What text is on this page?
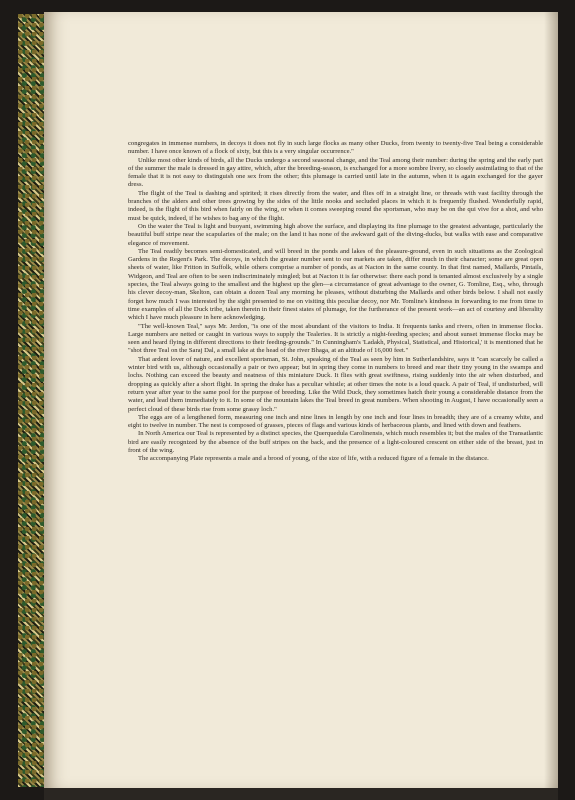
congregates in immense numbers, in decoys it does not fly in such large flocks as many other Ducks, from twenty to twenty-five Teal being a considerable number. I have once known of a flock of sixty, but this is a very singular occurrence."

Unlike most other kinds of birds, all the Ducks undergo a second seasonal change, and the Teal among their number: during the spring and the early part of the summer the male is dressed in gay attire, which, after the breeding-season, is exchanged for a more sombre livery, so closely assimilating to that of the female that it is not easy to distinguish one sex from the other; this plumage is carried until late in the autumn, when it is again exchanged for the gayer dress.

The flight of the Teal is dashing and spirited; it rises directly from the water, and flies off in a straight line, or threads with vast facility through the branches of the alders and other trees growing by the sides of the little nooks and secluded places in which it is frequently flushed. Wonderfully rapid, indeed, is the flight of this bird when fairly on the wing, or when it comes sweeping round the sportsman, who may be on the qui vive for a shot, and who must be quick, indeed, if he wishes to bag any of the flight.

On the water the Teal is light and buoyant, swimming high above the surface, and displaying its fine plumage to the greatest advantage, particularly the beautiful buff stripe near the scapularies of the male; on the land it has none of the awkward gait of the diving-ducks, but walks with ease and comparative elegance of movement.

The Teal readily becomes semi-domesticated, and will breed in the ponds and lakes of the pleasure-ground, even in such situations as the Zoological Gardens in the Regent's Park. The decoys, in which the greater number sent to our markets are taken, differ much in their character; some are great open sheets of water, like Fritton in Suffolk, while others comprise a number of ponds, as at Nacton in the same county. In that first named, Mallards, Pintails, Widgeon, and Teal are often to be seen indiscriminately mingled; but at Nacton it is far otherwise: there each pond is tenanted almost exclusively by a single species, the Teal always going to the smallest and the highest up the glen—a circumstance of great advantage to the owner, G. Tomline, Esq., who, through his clever decoy-man, Skelton, can obtain a dozen Teal any morning he pleases, without disturbing the Mallards and other birds below. I shall not easily forget how much I was interested by the sight presented to me on visiting this peculiar decoy, nor Mr. Tomline's kindness in forwarding to me from time to time examples of all the Duck tribe, taken therein in their finest states of plumage, for the furtherance of the present work—an act of courtesy and liberality which I have much pleasure in here acknowledging.

"The well-known Teal," says Mr. Jerdon, "is one of the most abundant of the visitors to India. It frequents tanks and rivers, often in immense flocks. Large numbers are netted or caught in various ways to supply the Tealeries. It is strictly a night-feeding species; and about sunset immense flocks may be seen and heard flying in different directions to their feeding-grounds." In Cunningham's 'Ladakh, Physical, Statistical, and Historical,' it is mentioned that he "shot three Teal on the Saraj Dal, a small lake at the head of the river Bhaga, at an altitude of 16,000 feet."

That ardent lover of nature, and excellent sportsman, St. John, speaking of the Teal as seen by him in Sutherlandshire, says it "can scarcely be called a winter bird with us, although occasionally a pair or two appear; but in spring they come in numbers to breed and rear their tiny young in the swamps and lochs. Nothing can exceed the beauty and neatness of this miniature Duck. It flies with great swiftness, rising suddenly into the air when disturbed, and dropping as quickly after a short flight. In spring the drake has a peculiar whistle; at other times the note is a loud quack. A pair of Teal, if undisturbed, will return year after year to the same pool for the purpose of breeding. Like the Wild Duck, they sometimes hatch their young a considerable distance from the water, and lead them immediately to it. In some of the mountain lakes the Teal breed in great numbers. When shooting in August, I have occasionally seen a perfect cloud of these birds rise from some grassy loch."

The eggs are of a lengthened form, measuring one inch and nine lines in length by one inch and four lines in breadth; they are of a creamy white, and eight to twelve in number. The nest is composed of grasses, pieces of flags and various kinds of herbaceous plants, and lined with down and feathers.

In North America our Teal is represented by a distinct species, the Querquedula Carolinensis, which much resembles it; but the males of the Transatlantic bird are easily recognized by the absence of the buff stripes on the back, and the presence of a light-coloured crescent on either side of the breast, just in front of the wing.

The accompanying Plate represents a male and a brood of young, of the size of life, with a reduced figure of a female in the distance.
